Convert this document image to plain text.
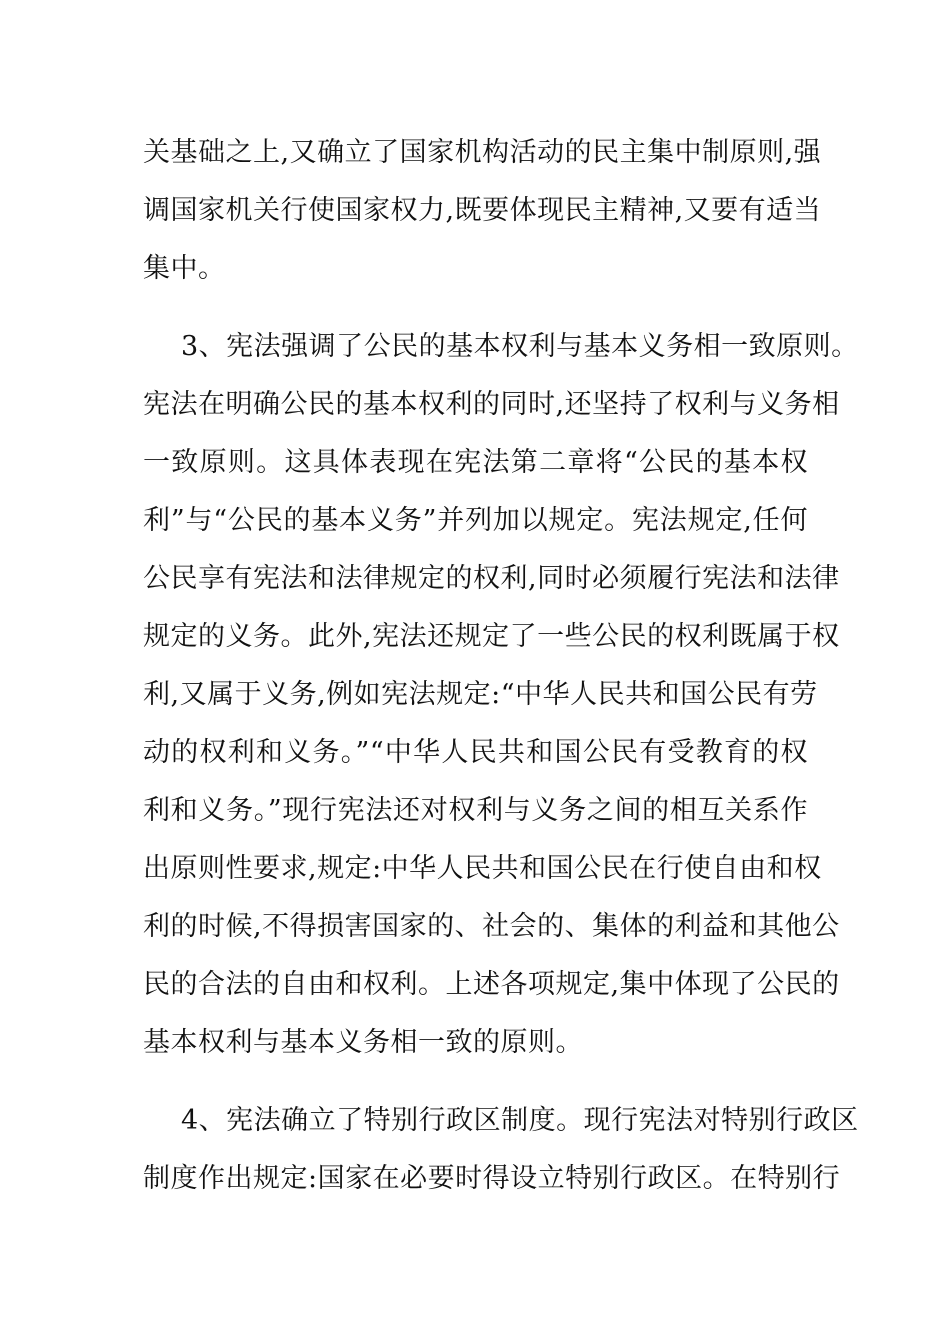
关基础之上,又确立了国家机构活动的民主集中制原则,强
调国家机关行使国家权力,既要体现民主精神,又要有适当
集中。
3、宪法强调了公民的基本权利与基本义务相一致原则。
宪法在明确公民的基本权利的同时,还坚持了权利与义务相
一致原则。这具体表现在宪法第二章将“公民的基本权
利”与“公民的基本义务”并列加以规定。宪法规定,任何
公民享有宪法和法律规定的权利,同时必须履行宪法和法律
规定的义务。此外,宪法还规定了一些公民的权利既属于权
利,又属于义务,例如宪法规定:“中华人民共和国公民有劳
动的权利和义务。”“中华人民共和国公民有受教育的权
利和义务。”现行宪法还对权利与义务之间的相互关系作
出原则性要求,规定:中华人民共和国公民在行使自由和权
利的时候,不得损害国家的、社会的、集体的利益和其他公
民的合法的自由和权利。上述各项规定,集中体现了公民的
基本权利与基本义务相一致的原则。
4、宪法确立了特别行政区制度。现行宪法对特别行政区
制度作出规定:国家在必要时得设立特别行政区。在特别行
